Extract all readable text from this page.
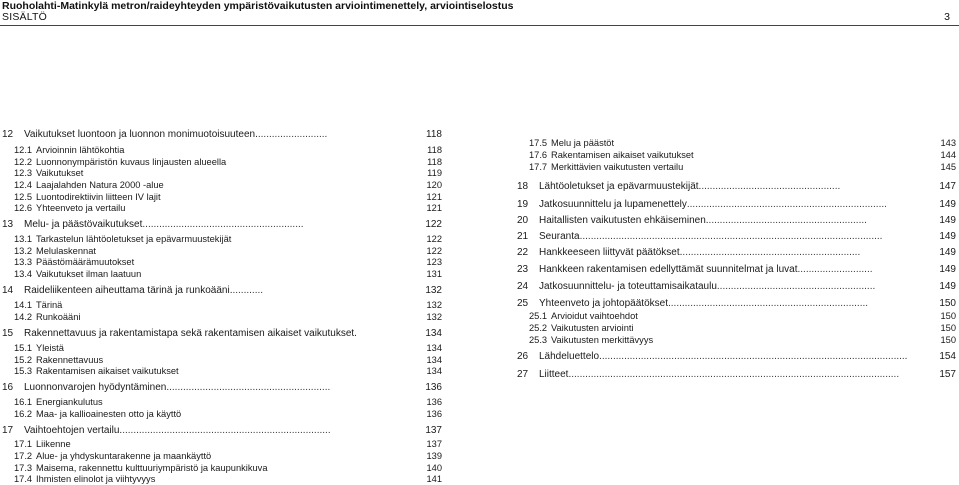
Ruoholahti-Matinkylä metron/raideyhteyden ympäristövaikutusten arviointimenettely, arviointiselostus
SISÄLTÖ	3
12	Vaikutukset luontoon ja luonnon monimuotoisuuteen. .........................	118
12.1 Arvioinnin lähtökohtia	118
12.2 Luonnonympäristön kuvaus linjausten alueella	118
12.3 Vaikutukset	119
12.4 Laajalahden Natura 2000 -alue	120
12.5 Luontodirektiivin liitteen IV lajit	121
12.6 Yhteenveto ja vertailu	121
13	Melu- ja päästövaikutukset ..........................................................	122
13.1 Tarkastelun lähtöoletukset ja epävarmuustekijät	122
13.2 Melulaskennat	122
13.3 Päästömäärämuutokset	123
13.4 Vaikutukset ilman laatuun	131
14	Raideliikenteen aiheuttama tärinä ja runkoääni. ...........	132
14.1 Tärinä	132
14.2 Runkoääni	132
15	Rakennettavuus ja rakentamistapa sekä rakentamisen aikaiset vaikutukset.	134
15.1 Yleistä	134
15.2 Rakennettavuus	134
15.3 Rakentamisen aikaiset vaikutukset	134
16	Luonnonvarojen hyödyntäminen. ..........................................................	136
16.1 Energiankulutus	136
16.2 Maa- ja kallioainesten otto ja käyttö	136
17	Vaihtoehtojen vertailu. ...........................................................................	137
17.1 Liikenne	137
17.2 Alue- ja yhdyskuntarakenne ja maankäyttö	139
17.3 Maisema, rakennettu kulttuuriympäristö ja kaupunkikuva	140
17.4 Ihmisten elinolot ja viihtyvyys	141
17.5 Melu ja päästöt	143
17.6 Rakentamisen aikaiset vaikutukset	144
17.7 Merkittävien vaikutusten vertailu	145
18	Lähtöoletukset ja epävarmuustekijät. ..................................................	147
19	Jatkosuunnittelu ja lupamenettely ........................................................................	149
20	Haitallisten vaikutusten ehkäiseminen. .........................................................	149
21	Seuranta .............................................................................................................	149
22	Hankkeeseen liittyvät päätökset. ................................................................	149
23	Hankkeen rakentamisen edellyttämät suunnitelmat ja luvat ...........................	149
24	Jatkosuunnittelu- ja toteuttamisaikataulu .........................................................	149
25	Yhteenveto ja johtopäätökset. .......................................................................	150
25.1 Arvioidut vaihtoehdot	150
25.2 Vaikutusten arviointi	150
25.3 Vaikutusten merkittävyys	150
26	Lähdeluettelo. ..............................................................................................................	154
27	Liitteet. ......................................................................................................................	157
